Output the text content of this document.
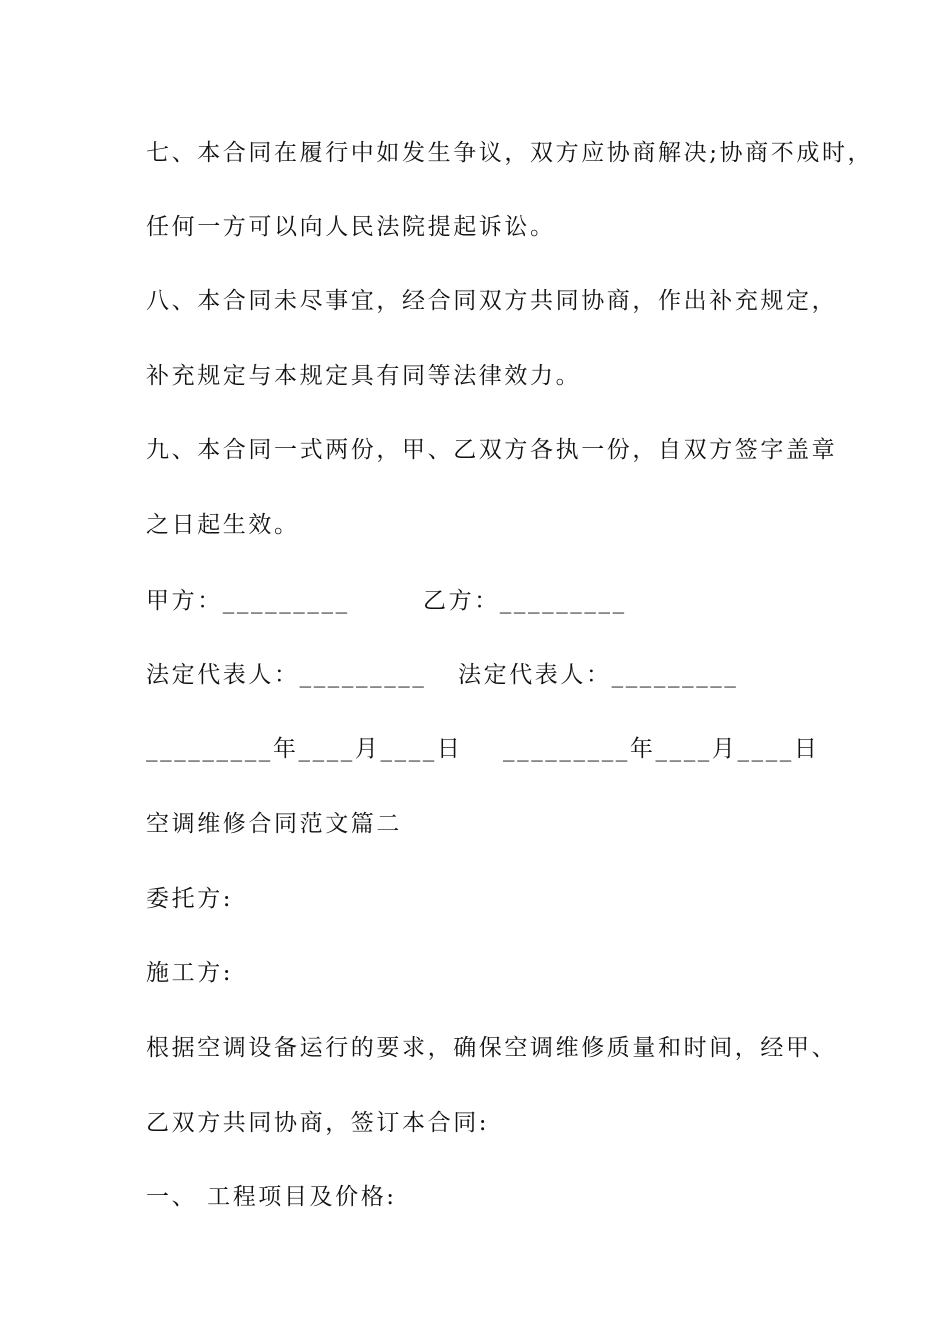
七、本合同在履行中如发生争议，双方应协商解决;协商不成时，
任何一方可以向人民法院提起诉讼。
八、本合同未尽事宜，经合同双方共同协商，作出补充规定，
补充规定与本规定具有同等法律效力。
九、本合同一式两份，甲、乙双方各执一份，自双方签字盖章
之日起生效。
甲方：_________	乙方：_________
法定代表人：_________ 法定代表人：_________
_________年____月____日 _________年____月____日
空调维修合同范文篇二
委托方:
施工方:
根据空调设备运行的要求，确保空调维修质量和时间，经甲、
乙双方共同协商，签订本合同:
一、 工程项目及价格:
